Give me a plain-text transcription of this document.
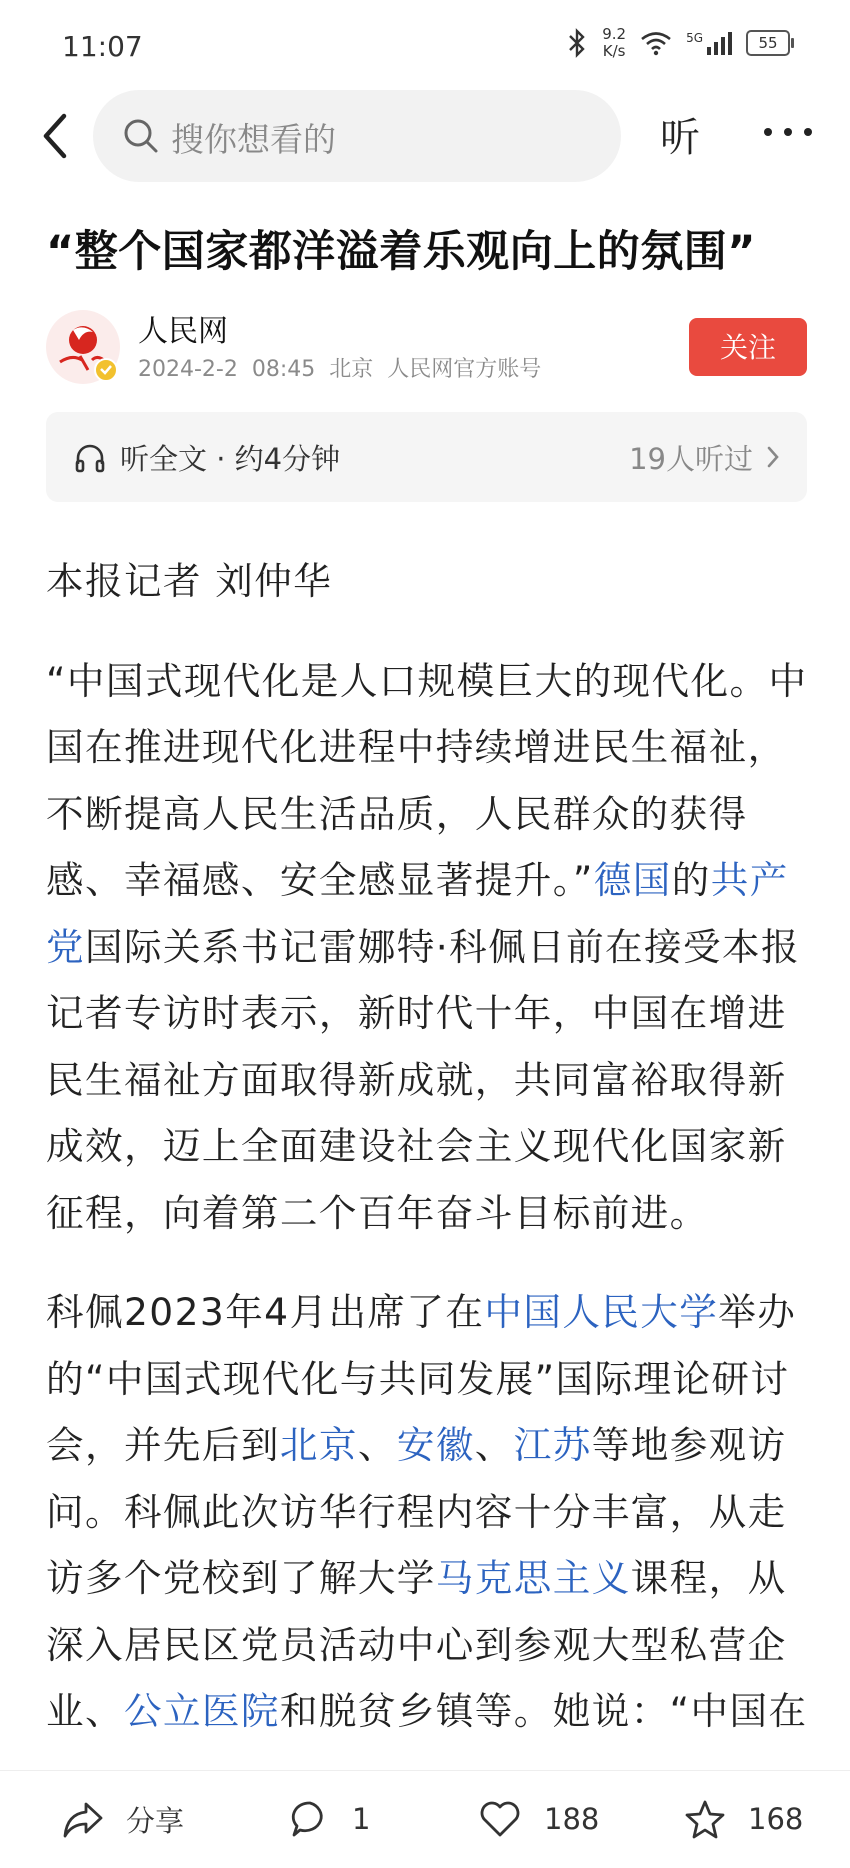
11:07	9.2
K/s
5G	55
搜你想看的	听
“整个国家都洋溢着乐观向上的氛围”
人民网
2024-2-2 08:45 北京 人民网官方账号
关注
听全文 · 约4分钟	19人听过

本报记者 刘仲华

“中国式现代化是人口规模巨大的现代化。中国在推进现代化进程中持续增进民生福祉，不断提高人民生活品质，人民群众的获得感、幸福感、安全感显著提升。”德国的共产党国际关系书记雷娜特·科佩日前在接受本报记者专访时表示，新时代十年，中国在增进民生福祉方面取得新成就，共同富裕取得新成效，迈上全面建设社会主义现代化国家新征程，向着第二个百年奋斗目标前进。

科佩2023年4月出席了在中国人民大学举办的“中国式现代化与共同发展”国际理论研讨会，并先后到北京、安徽、江苏等地参观访问。科佩此次访华行程内容十分丰富，从走访多个党校到了解大学马克思主义课程，从深入居民区党员活动中心到参观大型私营企业、公立医院和脱贫乡镇等。她说：“中国在

分享	1	188	168
